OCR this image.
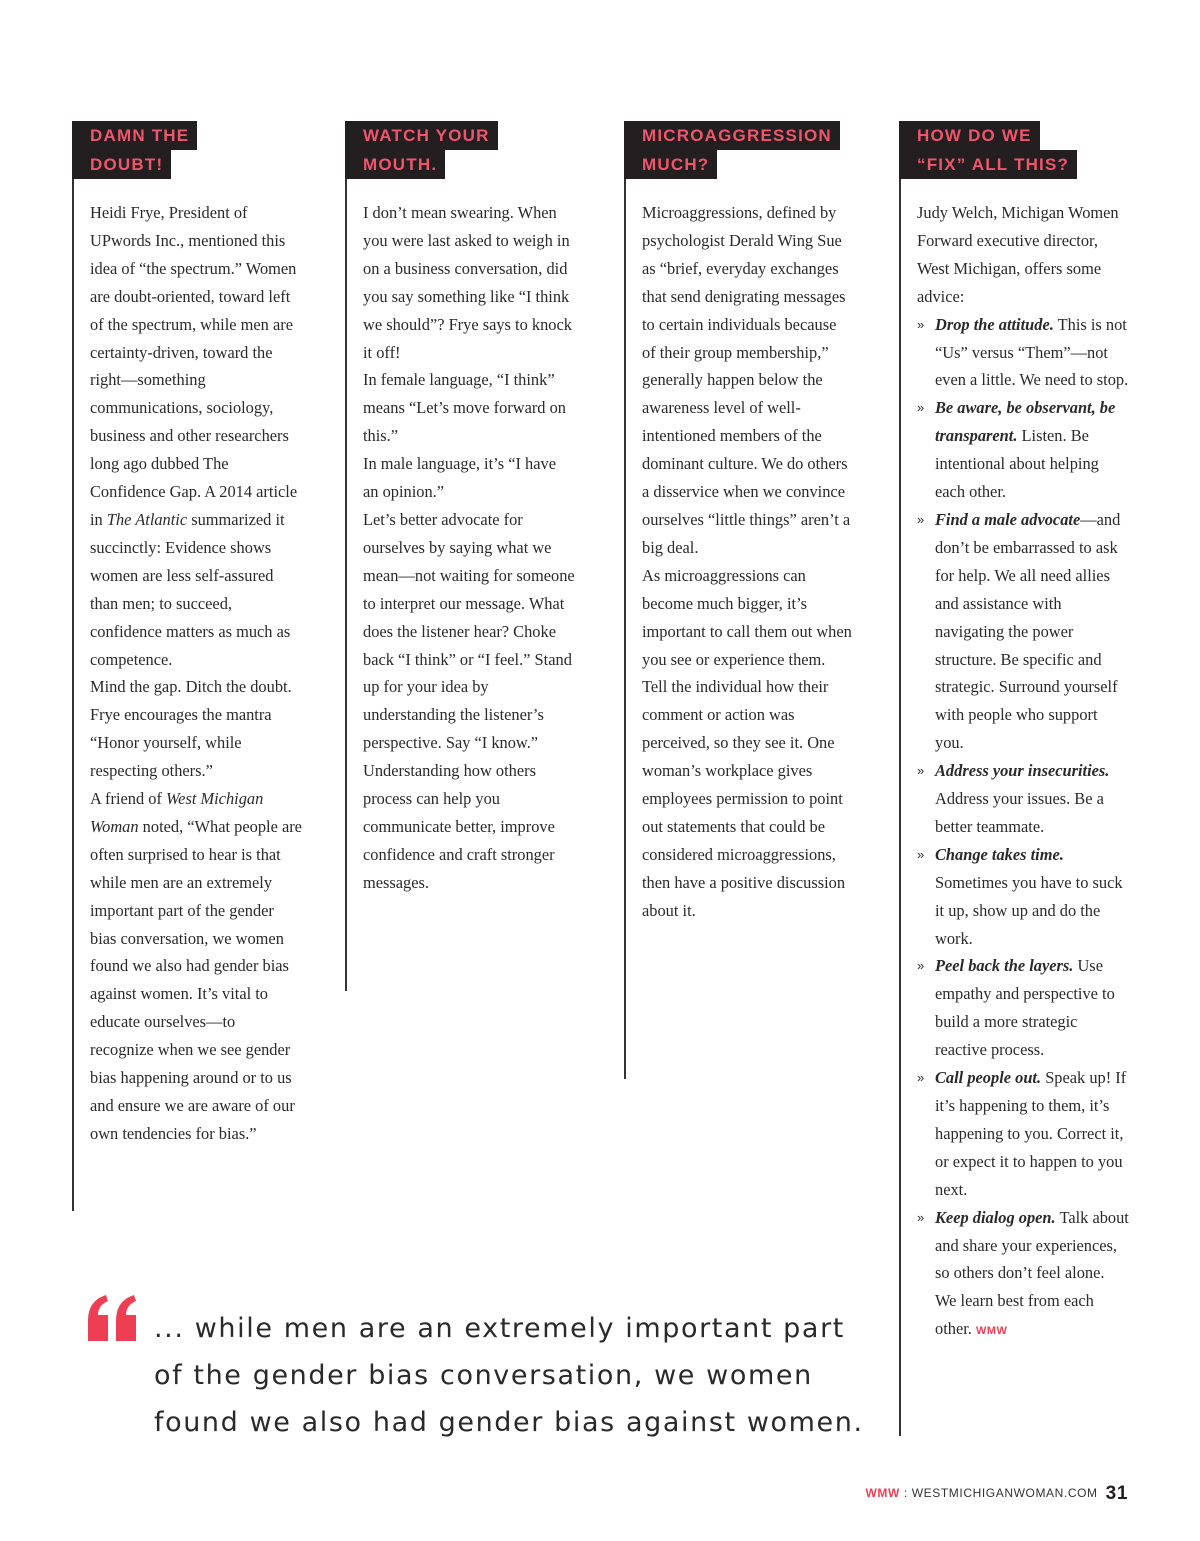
DAMN THE
DOUBT!

Heidi Frye, President of UPwords Inc., mentioned this idea of “the spectrum.” Women are doubt-oriented, toward left of the spectrum, while men are certainty-driven, toward the right—something communications, sociology, business and other researchers long ago dubbed The Confidence Gap. A 2014 article in The Atlantic summarized it succinctly: Evidence shows women are less self-assured than men; to succeed, confidence matters as much as competence.

Mind the gap. Ditch the doubt. Frye encourages the mantra “Honor yourself, while respecting others.”

A friend of West Michigan Woman noted, “What people are often surprised to hear is that while men are an extremely important part of the gender bias conversation, we women found we also had gender bias against women. It’s vital to educate ourselves—to recognize when we see gender bias happening around or to us and ensure we are aware of our own tendencies for bias.”

WATCH YOUR
MOUTH.

I don’t mean swearing. When you were last asked to weigh in on a business conversation, did you say something like “I think we should”? Frye says to knock it off!

In female language, “I think” means “Let’s move forward on this.”

In male language, it’s “I have an opinion.”

Let’s better advocate for ourselves by saying what we mean—not waiting for someone to interpret our message. What does the listener hear? Choke back “I think” or “I feel.” Stand up for your idea by understanding the listener’s perspective. Say “I know.” Understanding how others process can help you communicate better, improve confidence and craft stronger messages.

MICROAGGRESSION
MUCH?

Microaggressions, defined by psychologist Derald Wing Sue as “brief, everyday exchanges that send denigrating messages to certain individuals because of their group membership,” generally happen below the awareness level of well-intentioned members of the dominant culture. We do others a disservice when we convince ourselves “little things” aren’t a big deal.

As microaggressions can become much bigger, it’s important to call them out when you see or experience them. Tell the individual how their comment or action was perceived, so they see it. One woman’s workplace gives employees permission to point out statements that could be considered microaggressions, then have a positive discussion about it.

HOW DO WE
“FIX” ALL THIS?

Judy Welch, Michigan Women Forward executive director, West Michigan, offers some advice:

» Drop the attitude. This is not “Us” versus “Them”—not even a little. We need to stop.
» Be aware, be observant, be transparent. Listen. Be intentional about helping each other.
» Find a male advocate—and don’t be embarrassed to ask for help. We all need allies and assistance with navigating the power structure. Be specific and strategic. Surround yourself with people who support you.
» Address your insecurities. Address your issues. Be a better teammate.
» Change takes time. Sometimes you have to suck it up, show up and do the work.
» Peel back the layers. Use empathy and perspective to build a more strategic reactive process.
» Call people out. Speak up! If it’s happening to them, it’s happening to you. Correct it, or expect it to happen to you next.
» Keep dialog open. Talk about and share your experiences, so others don’t feel alone. We learn best from each other. WMW
... while men are an extremely important part of the gender bias conversation, we women found we also had gender bias against women.
WMW : WESTMICHIGANWOMAN.COM 31
